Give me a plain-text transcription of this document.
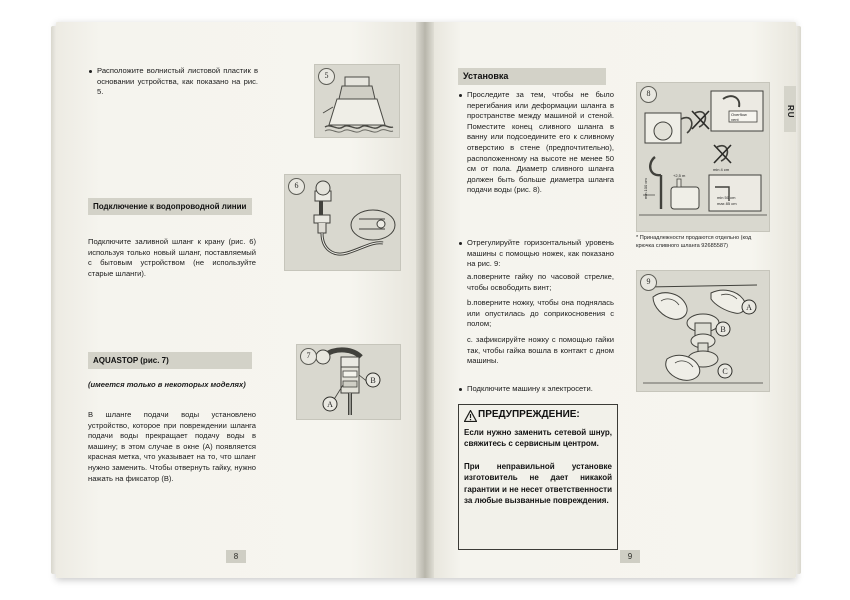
Расположите волнистый листовой пластик в основании устройства, как показано на рис. 5.
5
Подключение к водопроводной линии
Подключите заливной шланг к крану (рис. 6) используя только новый шланг, поставляемый с бытовым устройством (не используйте старые шланги).
6
AQUASTOP (рис. 7)
(имеется только в некоторых моделях)
В шланге подачи воды установлено устройство, которое при повреждении шланга подачи воды прекращает подачу воды в машину; в этом случае в окне (A) появляется красная метка, что указывает на то, что шланг нужно заменить. Чтобы отвернуть гайку, нужно нажать на фиксатор (B).
A
B
7
8
Установка
Проследите за тем, чтобы не было перегибания или деформации шланга в пространстве между машиной и стеной. Поместите конец сливного шланга в ванну или подсоедините его к сливному отверстию в стене (предпочтительно), расположенному на высоте не менее 50 см от пола. Диаметр сливного шланга должен быть больше диаметра шланга подачи воды (рис. 8).
Отрегулируйте горизонтальный уровень машины с помощью ножек, как показано на рис. 9:
a.поверните гайку по часовой стрелке, чтобы освободить винт;
b.поверните ножку, чтобы она поднялась или опустилась до соприкосновения с полом;
c. зафиксируйте ножку с помощью гайки так, чтобы гайка вошла в контакт с дном машины.
Подключите машину к электросети.
ПРЕДУПРЕЖДЕНИЕ:
Если нужно заменить сетевой шнур, свяжитесь с сервисным центром.
При неправильной установке изготовитель не дает никакой гарантии и не несет ответственности за любые вызванные повреждения.
Overflow
vent
min 100 cm
+2,5 m
min 4 cm
min 50 cm
max 85 cm
8
* Принадлежности продаются отдельно (код крючка сливного шланга 92685587)
A
B
C
9
RU
9
